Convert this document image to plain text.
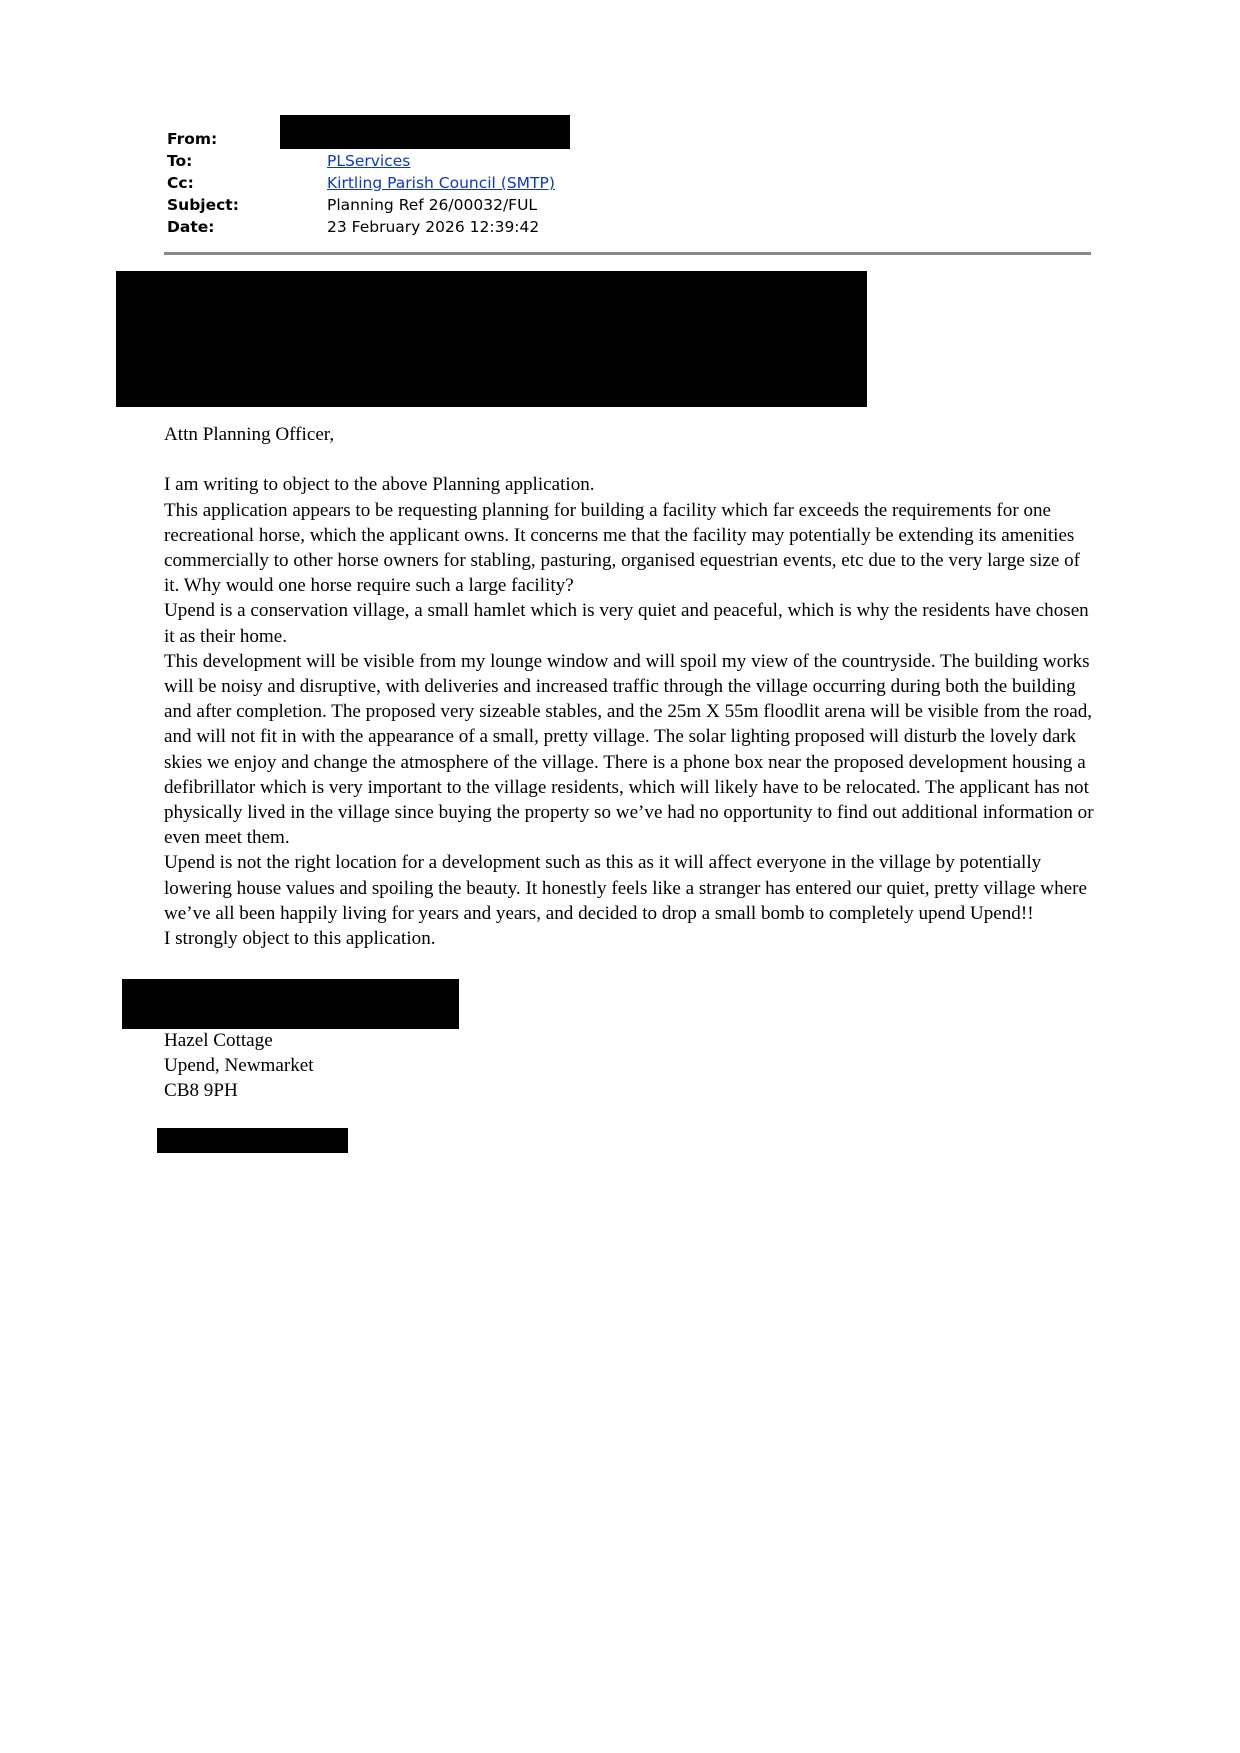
From:
To:	PLServices
Cc:	Kirtling Parish Council (SMTP)
Subject:	Planning Ref 26/00032/FUL
Date:	23 February 2026 12:39:42

Attn Planning Officer,

I am writing to object to the above Planning application.

This application appears to be requesting planning for building a facility which far exceeds the requirements for one recreational horse, which the applicant owns. It concerns me that the facility may potentially be extending its amenities commercially to other horse owners for stabling, pasturing, organised equestrian events, etc due to the very large size of it. Why would one horse require such a large facility?

Upend is a conservation village, a small hamlet which is very quiet and peaceful, which is why the residents have chosen it as their home.

This development will be visible from my lounge window and will spoil my view of the countryside. The building works will be noisy and disruptive, with deliveries and increased traffic through the village occurring during both the building and after completion. The proposed very sizeable stables, and the 25m X 55m floodlit arena will be visible from the road, and will not fit in with the appearance of a small, pretty village. The solar lighting proposed will disturb the lovely dark skies we enjoy and change the atmosphere of the village. There is a phone box near the proposed development housing a defibrillator which is very important to the village residents, which will likely have to be relocated. The applicant has not physically lived in the village since buying the property so we’ve had no opportunity to find out additional information or even meet them.

Upend is not the right location for a development such as this as it will affect everyone in the village by potentially lowering house values and spoiling the beauty. It honestly feels like a stranger has entered our quiet, pretty village where we’ve all been happily living for years and years, and decided to drop a small bomb to completely upend Upend!!

I strongly object to this application.

Hazel Cottage

Upend, Newmarket

CB8 9PH
